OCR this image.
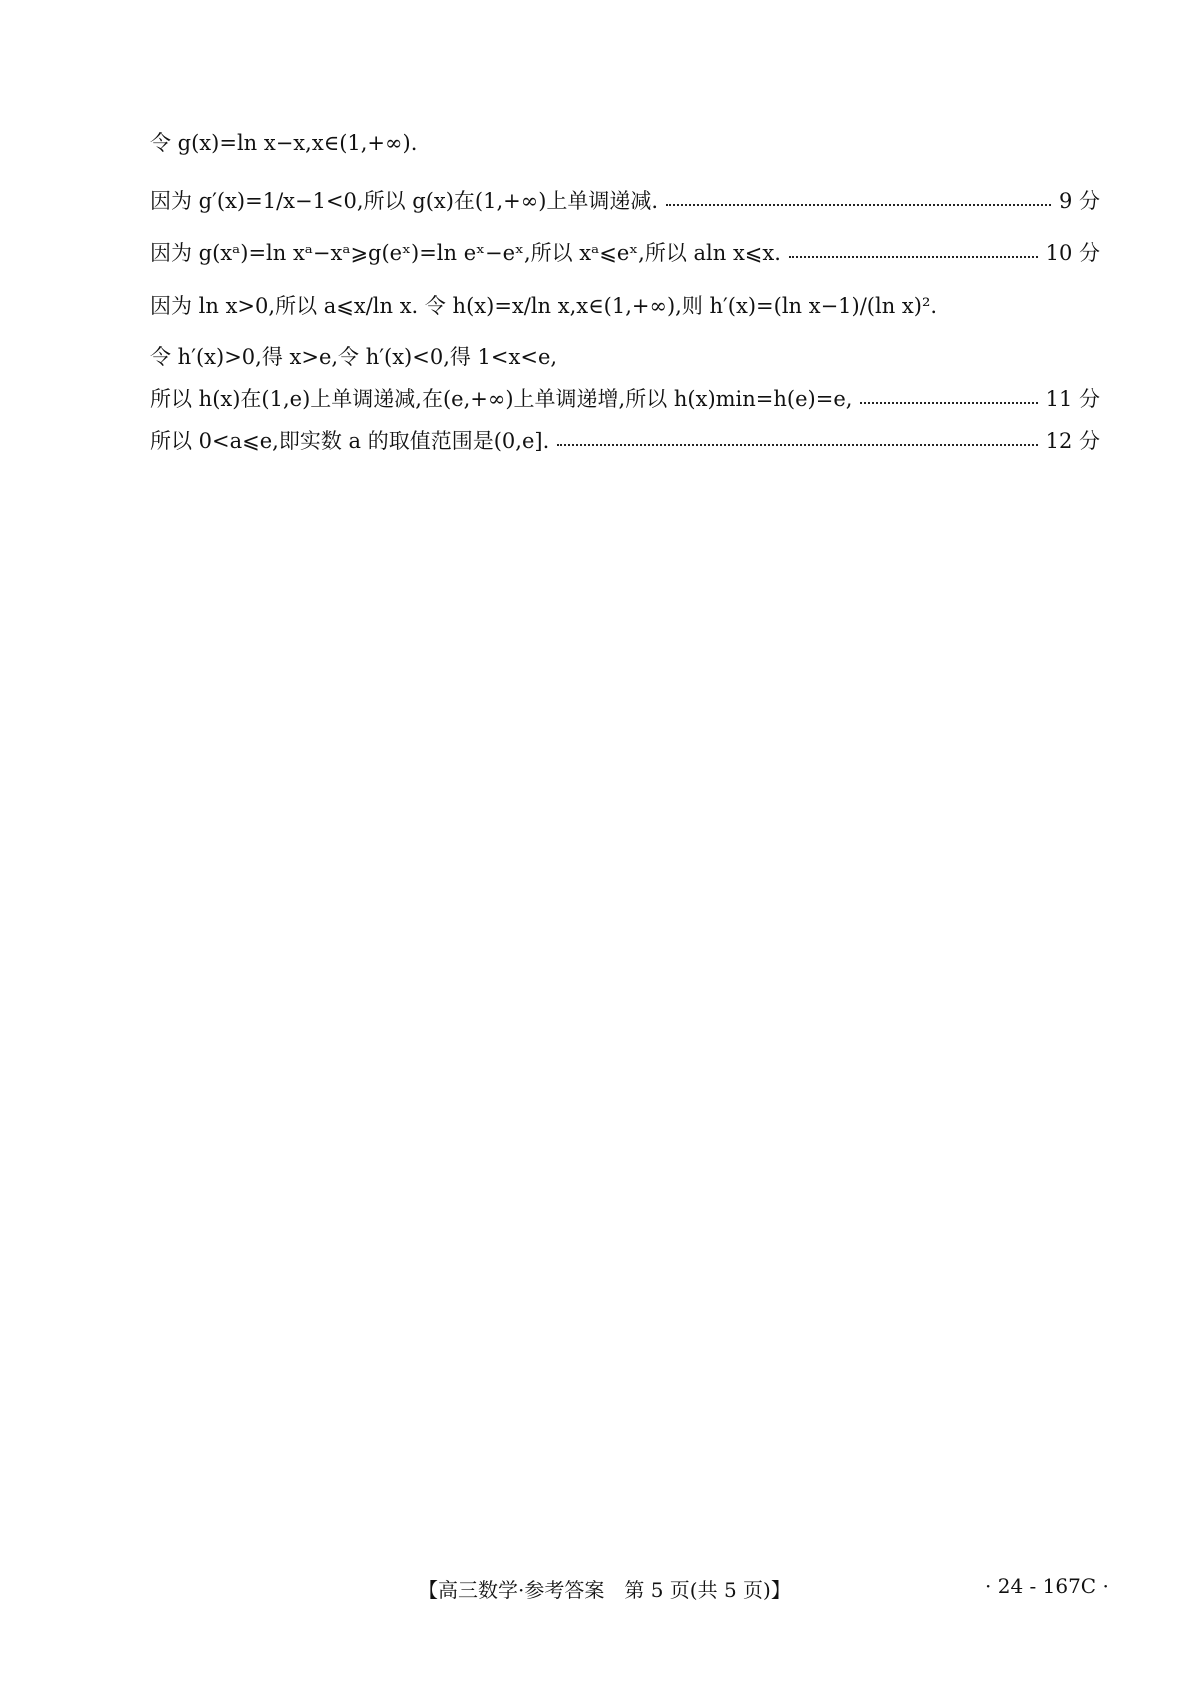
令 g(x)=ln x−x,x∈(1,+∞).
因为 g′(x)=1/x−1<0,所以 g(x)在(1,+∞)上单调递减.	9 分
因为 g(xᵃ)=ln xᵃ−xᵃ⩾g(eˣ)=ln eˣ−eˣ,所以 xᵃ⩽eˣ,所以 aln x⩽x.	10 分
因为 ln x>0,所以 a⩽x/ln x. 令 h(x)=x/ln x,x∈(1,+∞),则 h′(x)=(ln x−1)/(ln x)².
令 h′(x)>0,得 x>e,令 h′(x)<0,得 1<x<e,
所以 h(x)在(1,e)上单调递减,在(e,+∞)上单调递增,所以 h(x)min=h(e)=e,	11 分
所以 0<a⩽e,即实数 a 的取值范围是(0,e].	12 分
【高三数学·参考答案　第 5 页(共 5 页)】	· 24 - 167C ·
